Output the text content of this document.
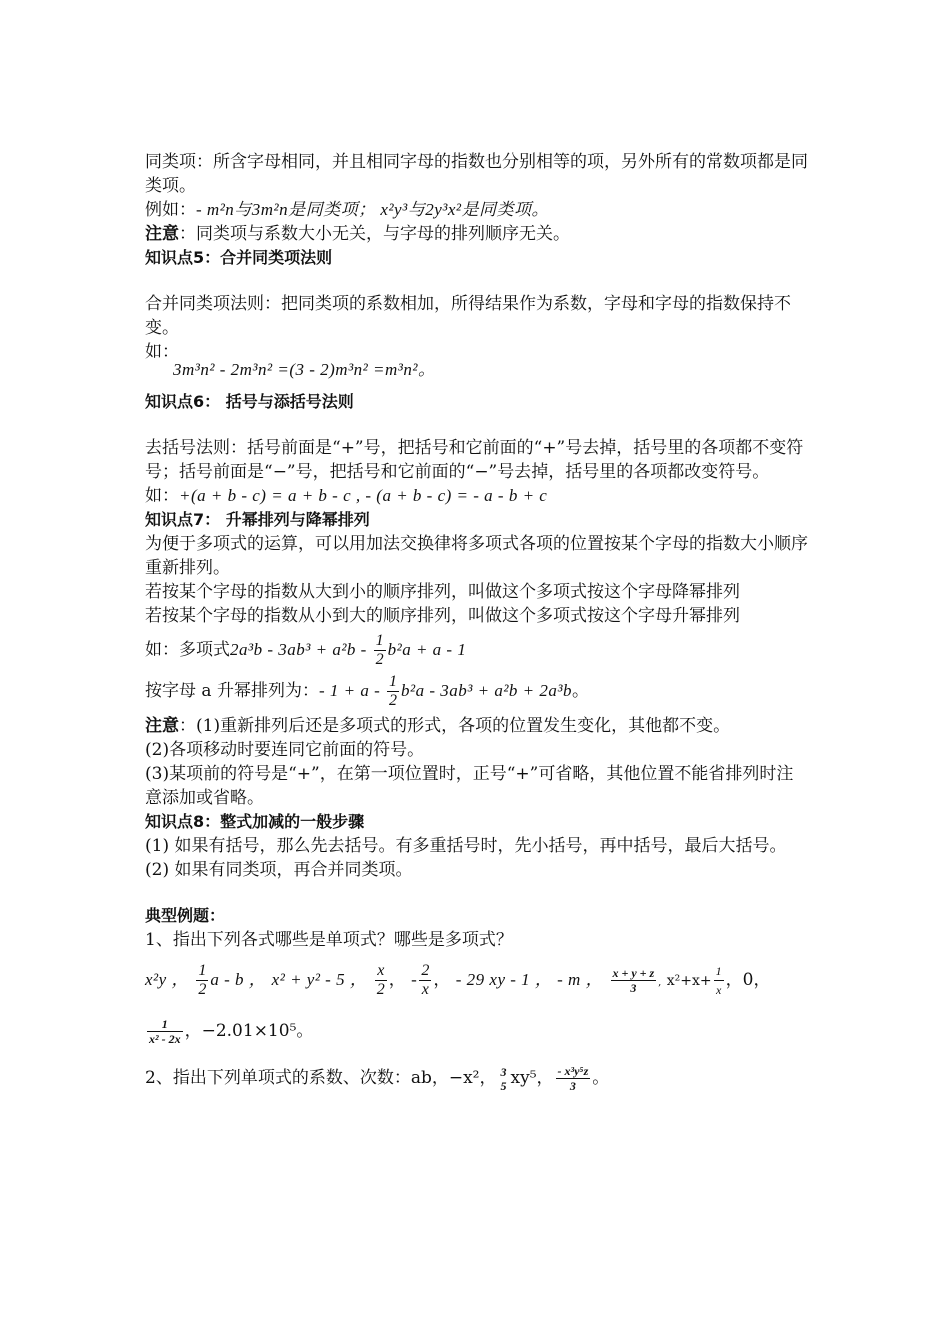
同类项：所含字母相同，并且相同字母的指数也分别相等的项，另外所有的常数项都是同类项。

例如：- m²n与3m²n是同类项； x²y³与2y³x²是同类项。

注意：同类项与系数大小无关，与字母的排列顺序无关。

知识点5：合并同类项法则

合并同类项法则：把同类项的系数相加，所得结果作为系数，字母和字母的指数保持不变。

如：

3m³n² - 2m³n² =(3 - 2)m³n² =m³n²。

知识点6： 括号与添括号法则

去括号法则：括号前面是“+”号，把括号和它前面的“+”号去掉，括号里的各项都不变符号；括号前面是“−”号，把括号和它前面的“−”号去掉，括号里的各项都改变符号。

如：+(a + b - c) = a + b - c , - (a + b - c) = - a - b + c

知识点7： 升幂排列与降幂排列

为便于多项式的运算，可以用加法交换律将多项式各项的位置按某个字母的指数大小顺序重新排列。

若按某个字母的指数从大到小的顺序排列，叫做这个多项式按这个字母降幂排列

若按某个字母的指数从小到大的顺序排列，叫做这个多项式按这个字母升幂排列

如：多项式$2a^3b - 3ab^3 + a^2b - \frac{1}{2} b^2a + a - 1$
按字母 a 升幂排列为：- $1 + a - \frac{1}{2} b^2a - 3ab^3 + a^2b + 2a^3b$。

注意：(1)重新排列后还是多项式的形式，各项的位置发生变化，其他都不变。

(2)各项移动时要连同它前面的符号。

(3)某项前的符号是“+”，在第一项位置时，正号“+”可省略，其他位置不能省排列时注意添加或省略。

知识点8：整式加减的一般步骤

(1) 如果有括号，那么先去括号。有多重括号时，先小括号，再中括号，最后大括号。

(2) 如果有同类项，再合并同类项。

典型例题：

1、指出下列各式哪些是单项式？哪些是多项式？

x²y ， $\frac{1}{2}$ a - b ， x² + y² - 5 ， $\frac{x}{2}$ ， - $\frac{2}{x}$ ， - 29 xy - 1 ， - m ， $\frac{x + y + z}{3}$ , $x^2+x+ \frac{1}{x}$ ，0，
$\frac{1}{\text{x² - 2x}}$ ，−2.01×10⁵。
2、指出下列单项式的系数、次数：ab，−x²， 3
5 xy⁵， $\frac{\text{- x³y⁵z}}{3}$ 。
